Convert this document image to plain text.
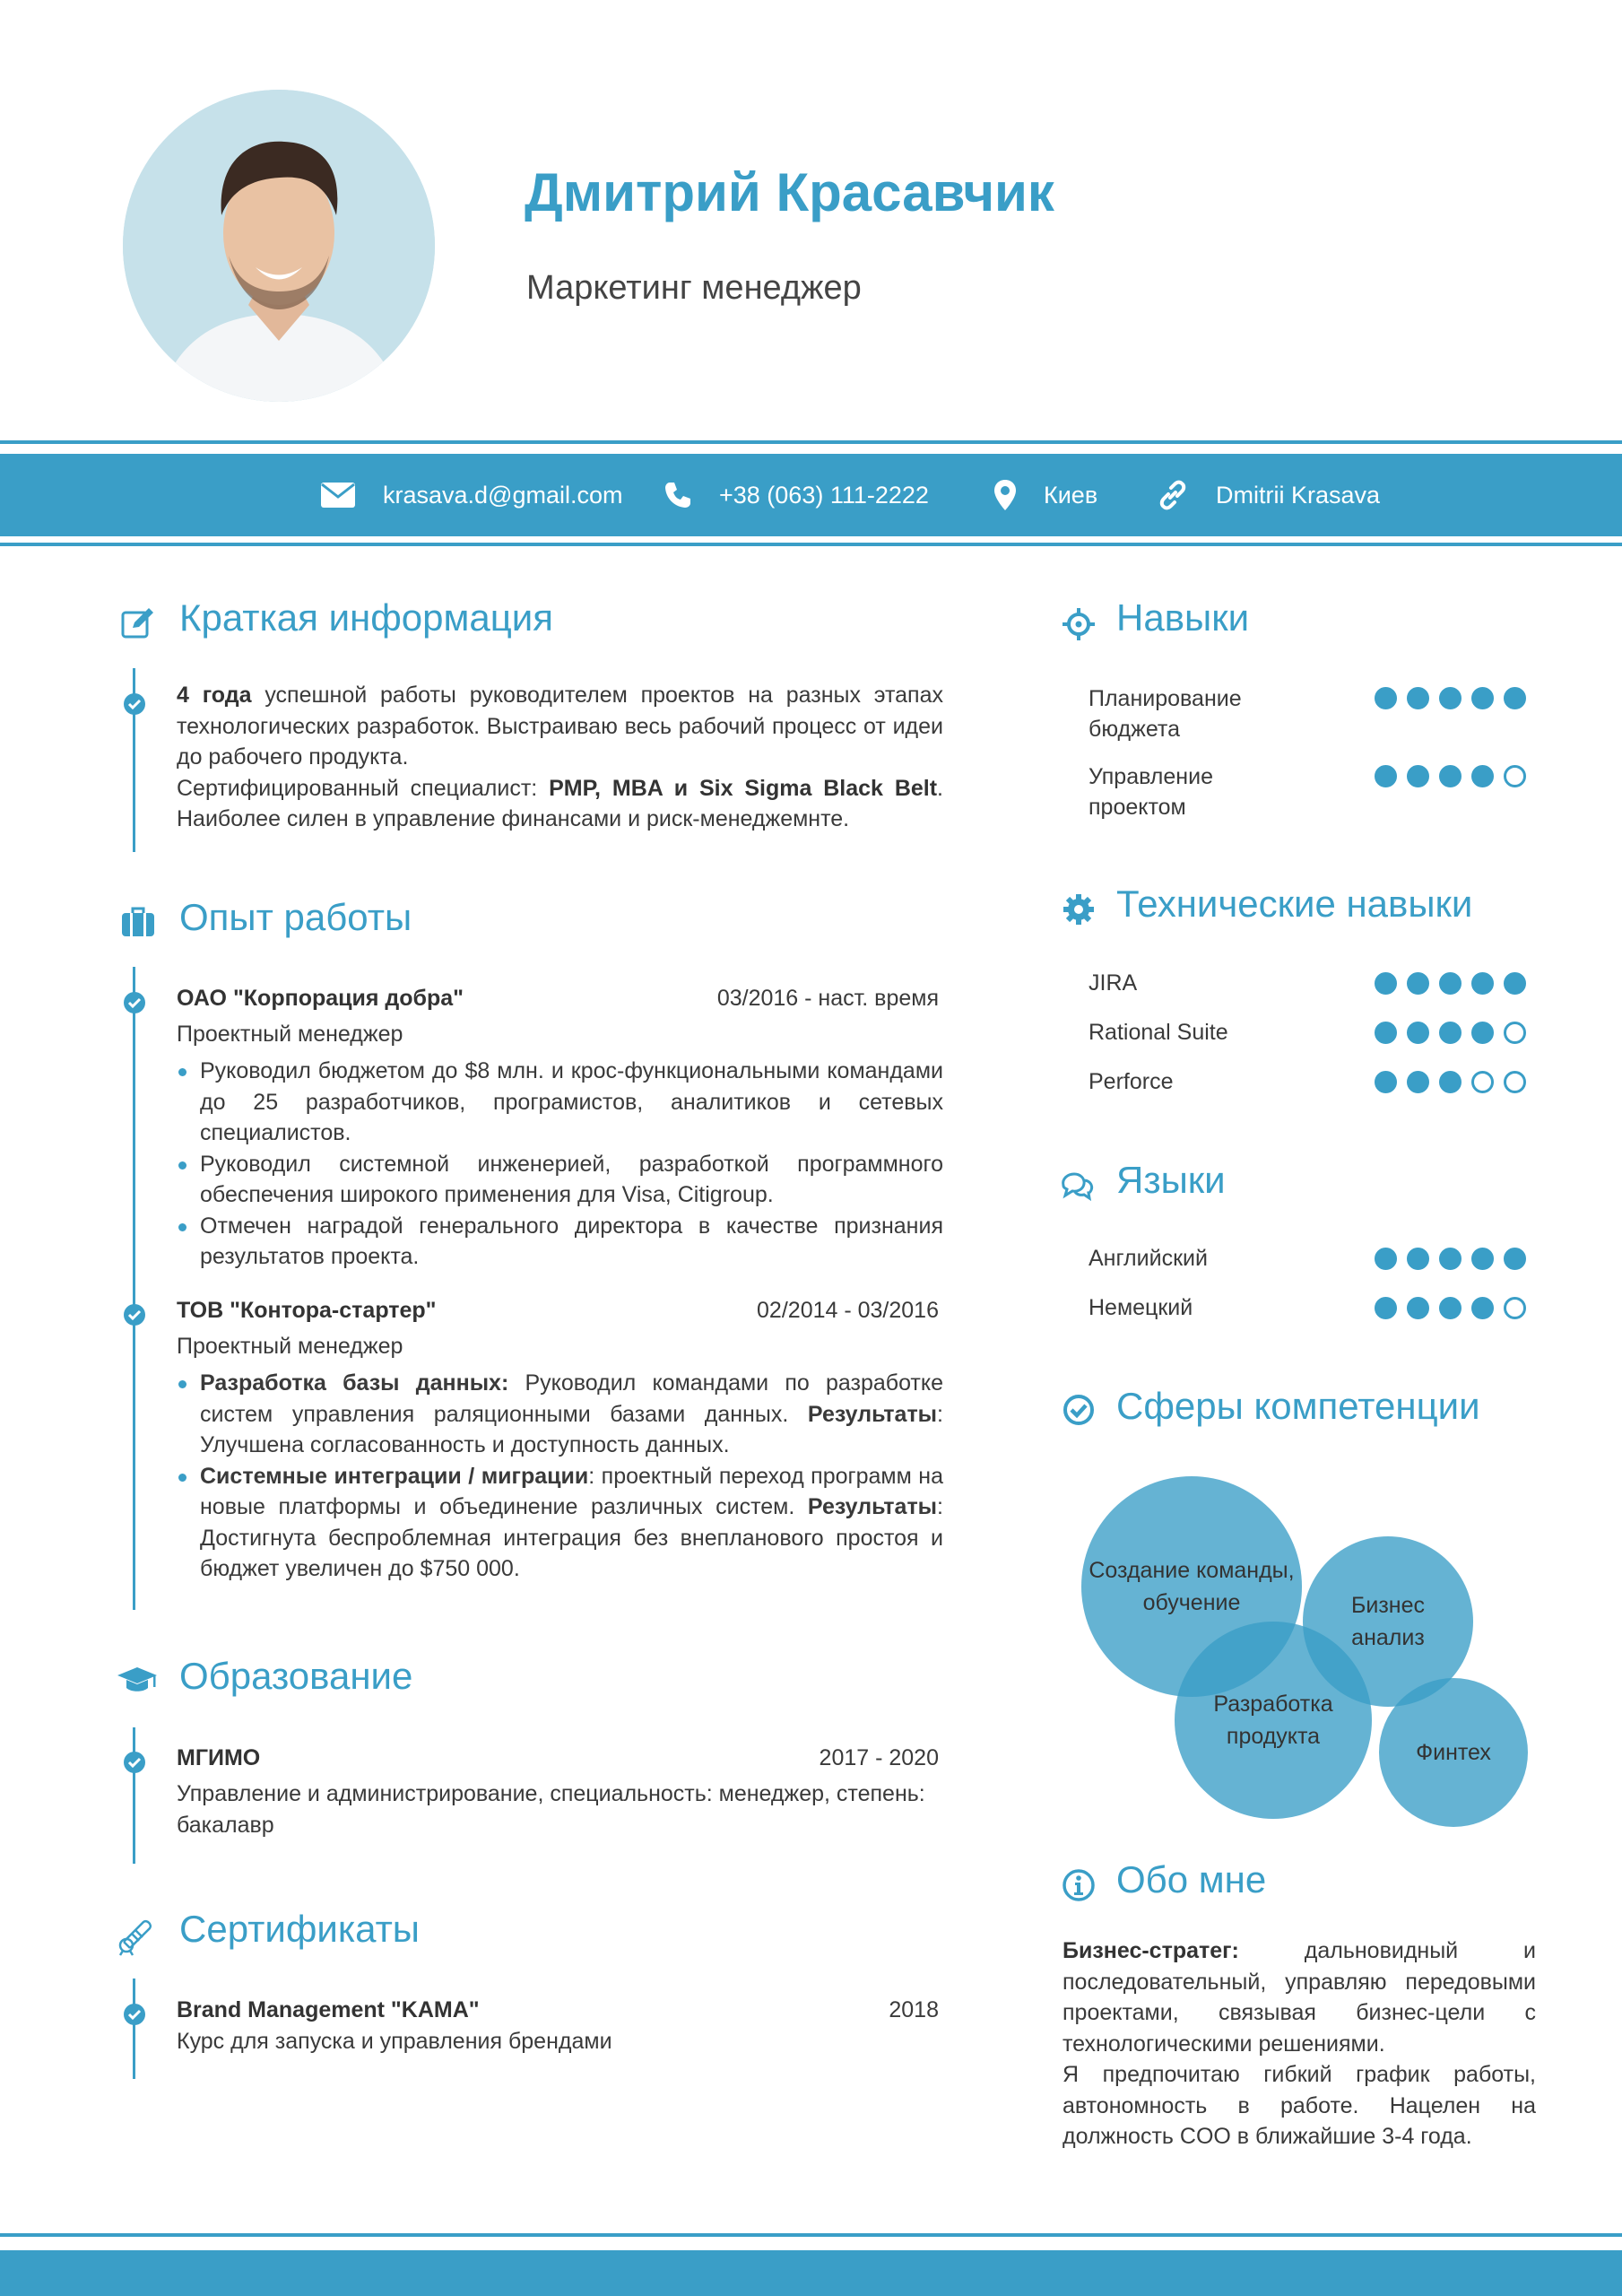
Дмитрий Красавчик
Маркетинг менеджер
krasava.d@gmail.com	+38 (063) 111-2222	Киев	Dmitrii Krasava
Краткая информация
4 года успешной работы руководителем проектов на разных этапах технологических разработок. Выстраиваю весь рабочий процесс от идеи до рабочего продукта.
Сертифицированный специалист: PMP, MBA и Six Sigma Black Belt. Наиболее силен в управление финансами и риск-менеджемнте.
Опыт работы
ОАО "Корпорация добра"	03/2016 - наст. время
Проектный менеджер
Руководил бюджетом до $8 млн. и крос-функциональными командами до 25 разработчиков, програмистов, аналитиков и сетевых специалистов.
Руководил системной инженерией, разработкой программного обеспечения широкого применения для Visa, Citigroup.
Отмечен наградой генерального директора в качестве признания результатов проекта.
ТОВ "Контора-стартер"	02/2014 - 03/2016
Проектный менеджер
Разработка базы данных: Руководил командами по разработке систем управления раляционными базами данных. Результаты: Улучшена согласованность и доступность данных.
Системные интеграции / миграции: проектный переход программ на новые платформы и объединение различных систем. Результаты: Достигнута беспроблемная интеграция без внепланового простоя и бюджет увеличен до $750 000.
Образование
МГИМО	2017 - 2020
Управление и администрирование, специальность: менеджер, степень: бакалавр
Сертификаты
Brand Management "KAMA"	2018
Курс для запуска и управления брендами
Навыки
Планирование бюджета
Управление проектом
Технические навыки
JIRA
Rational Suite
Perforce
Языки
Английский
Немецкий
Сферы компетенции
Создание команды, обучение	Бизнес анализ
Разработка продукта
Финтех
Обо мне
Бизнес-стратег: дальновидный и последовательный, управляю передовыми проектами, связывая бизнес-цели с технологическими решениями.
Я предпочитаю гибкий график работы, автономность в работе. Нацелен на должность COO в ближайшие 3-4 года.
